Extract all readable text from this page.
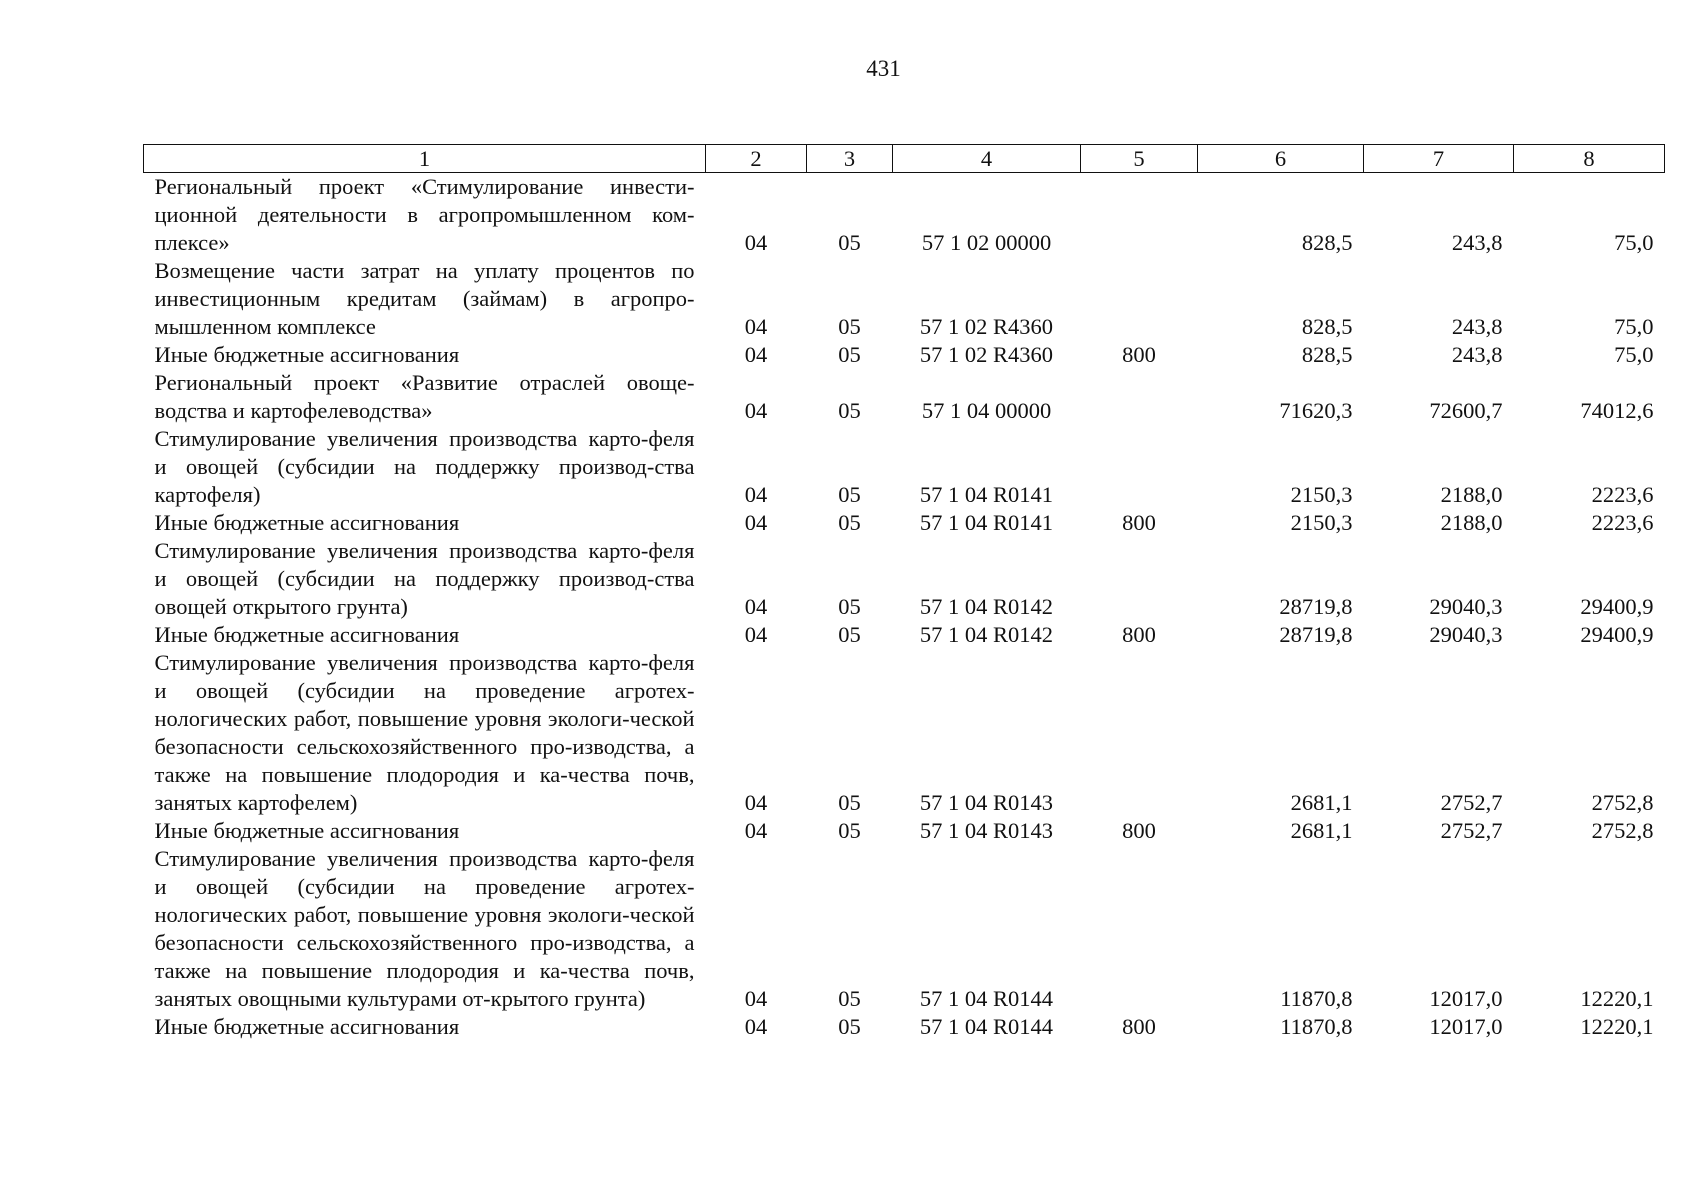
431
1	2	3	4	5	6	7	8
Региональный проект «Стимулирование инвести-ционной деятельности в агропромышленном ком-плексе»	04	05	57 1 02 00000		828,5	243,8	75,0
Возмещение части затрат на уплату процентов по инвестиционным кредитам (займам) в агропро-мышленном комплексе	04	05	57 1 02 R4360		828,5	243,8	75,0
Иные бюджетные ассигнования	04	05	57 1 02 R4360	800	828,5	243,8	75,0
Региональный проект «Развитие отраслей овоще-водства и картофелеводства»	04	05	57 1 04 00000		71620,3	72600,7	74012,6
Стимулирование увеличения производства карто-феля и овощей (субсидии на поддержку производ-ства картофеля)	04	05	57 1 04 R0141		2150,3	2188,0	2223,6
Иные бюджетные ассигнования	04	05	57 1 04 R0141	800	2150,3	2188,0	2223,6
Стимулирование увеличения производства карто-феля и овощей (субсидии на поддержку производ-ства овощей открытого грунта)	04	05	57 1 04 R0142		28719,8	29040,3	29400,9
Иные бюджетные ассигнования	04	05	57 1 04 R0142	800	28719,8	29040,3	29400,9
Стимулирование увеличения производства карто-феля и овощей (субсидии на проведение агротех-нологических работ, повышение уровня экологи-ческой безопасности сельскохозяйственного про-изводства, а также на повышение плодородия и ка-чества почв, занятых картофелем)	04	05	57 1 04 R0143		2681,1	2752,7	2752,8
Иные бюджетные ассигнования	04	05	57 1 04 R0143	800	2681,1	2752,7	2752,8
Стимулирование увеличения производства карто-феля и овощей (субсидии на проведение агротех-нологических работ, повышение уровня экологи-ческой безопасности сельскохозяйственного про-изводства, а также на повышение плодородия и ка-чества почв, занятых овощными культурами от-крытого грунта)	04	05	57 1 04 R0144		11870,8	12017,0	12220,1
Иные бюджетные ассигнования	04	05	57 1 04 R0144	800	11870,8	12017,0	12220,1
